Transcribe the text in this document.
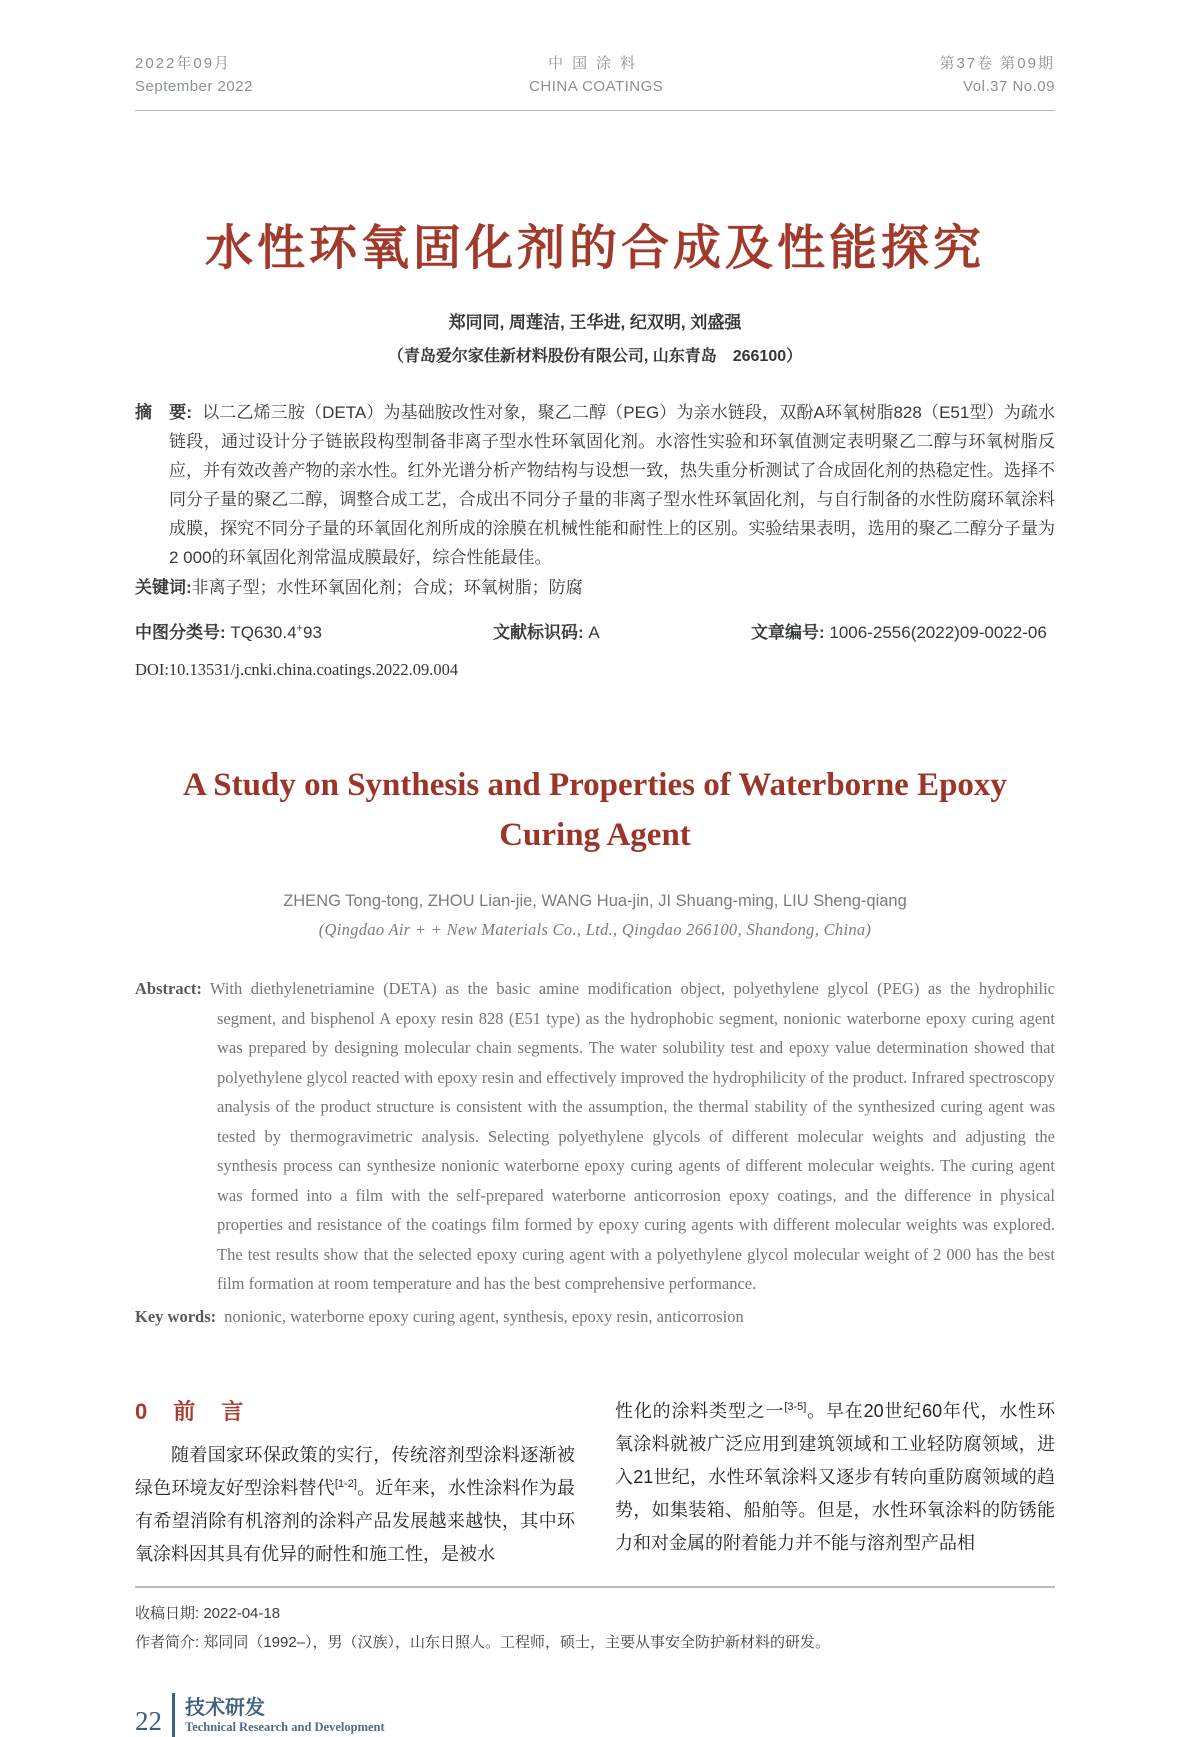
2022年09月
September 2022
中国涂料
CHINA COATINGS
第37卷 第09期
Vol.37 No.09
水性环氧固化剂的合成及性能探究
郑同同, 周莲洁, 王华进, 纪双明, 刘盛强
（青岛爱尔家佳新材料股份有限公司, 山东青岛　266100）

摘　要: 以二乙烯三胺（DETA）为基础胺改性对象，聚乙二醇（PEG）为亲水链段，双酚A环氧树脂828（E51型）为疏水链段，通过设计分子链嵌段构型制备非离子型水性环氧固化剂。水溶性实验和环氧值测定表明聚乙二醇与环氧树脂反应，并有效改善产物的亲水性。红外光谱分析产物结构与设想一致，热失重分析测试了合成固化剂的热稳定性。选择不同分子量的聚乙二醇，调整合成工艺，合成出不同分子量的非离子型水性环氧固化剂，与自行制备的水性防腐环氧涂料成膜，探究不同分子量的环氧固化剂所成的涂膜在机械性能和耐性上的区别。实验结果表明，选用的聚乙二醇分子量为2 000的环氧固化剂常温成膜最好，综合性能最佳。

关键词:非离子型；水性环氧固化剂；合成；环氧树脂；防腐

中图分类号: TQ630.4+93	文献标识码: A	文章编号: 1006-2556(2022)09-0022-06
DOI:10.13531/j.cnki.china.coatings.2022.09.004
A Study on Synthesis and Properties of Waterborne Epoxy Curing Agent
ZHENG Tong-tong, ZHOU Lian-jie, WANG Hua-jin, JI Shuang-ming, LIU Sheng-qiang
(Qingdao Air + + New Materials Co., Ltd., Qingdao 266100, Shandong, China)

Abstract: With diethylenetriamine (DETA) as the basic amine modification object, polyethylene glycol (PEG) as the hydrophilic segment, and bisphenol A epoxy resin 828 (E51 type) as the hydrophobic segment, nonionic waterborne epoxy curing agent was prepared by designing molecular chain segments. The water solubility test and epoxy value determination showed that polyethylene glycol reacted with epoxy resin and effectively improved the hydrophilicity of the product. Infrared spectroscopy analysis of the product structure is consistent with the assumption, the thermal stability of the synthesized curing agent was tested by thermogravimetric analysis. Selecting polyethylene glycols of different molecular weights and adjusting the synthesis process can synthesize nonionic waterborne epoxy curing agents of different molecular weights. The curing agent was formed into a film with the self-prepared waterborne anticorrosion epoxy coatings, and the difference in physical properties and resistance of the coatings film formed by epoxy curing agents with different molecular weights was explored. The test results show that the selected epoxy curing agent with a polyethylene glycol molecular weight of 2 000 has the best film formation at room temperature and has the best comprehensive performance.

Key words: nonionic, waterborne epoxy curing agent, synthesis, epoxy resin, anticorrosion

0　前　言

随着国家环保政策的实行，传统溶剂型涂料逐渐被绿色环境友好型涂料替代[1-2]。近年来，水性涂料作为最有希望消除有机溶剂的涂料产品发展越来越快，其中环氧涂料因其具有优异的耐性和施工性，是被水

性化的涂料类型之一[3-5]。早在20世纪60年代，水性环氧涂料就被广泛应用到建筑领域和工业轻防腐领域，进入21世纪，水性环氧涂料又逐步有转向重防腐领域的趋势，如集装箱、船舶等。但是，水性环氧涂料的防锈能力和对金属的附着能力并不能与溶剂型产品相

收稿日期: 2022-04-18
作者简介: 郑同同（1992–），男（汉族），山东日照人。工程师，硕士，主要从事安全防护新材料的研发。
22 技术研发
Technical Research and Development
